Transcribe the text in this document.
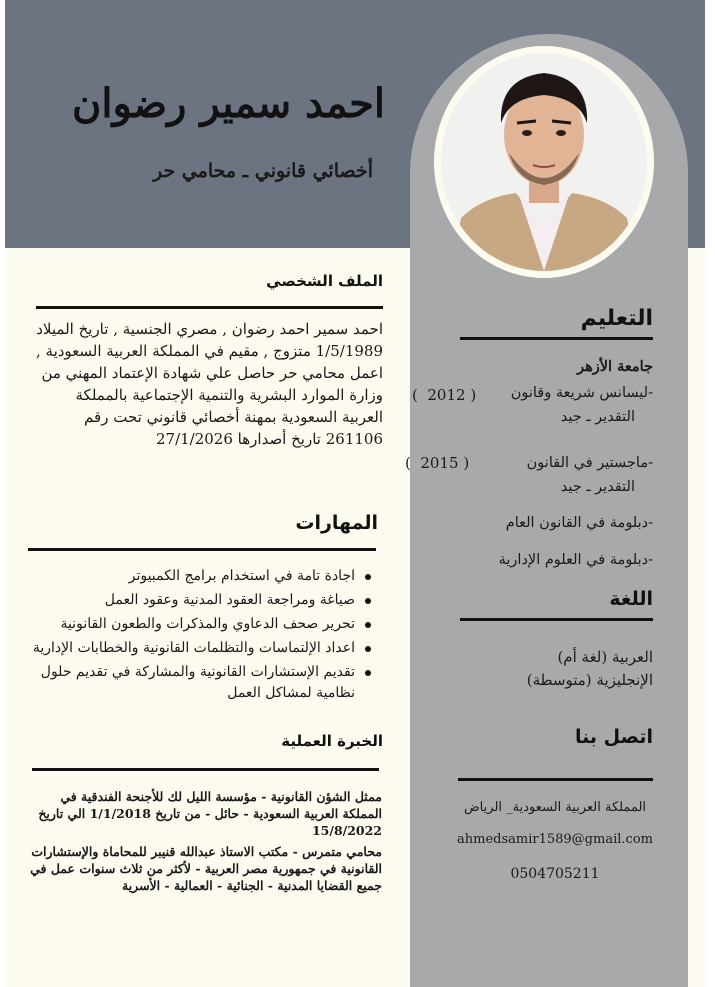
احمد سمير رضوان
أخصائي قانوني ـ محامي حر
الملف الشخصي
احمد سمير احمد رضوان , مصري الجنسية , تاريخ الميلاد 1/5/1989 متزوج , مقيم في المملكة العربية السعودية , اعمل محامي حر حاصل علي شهادة الإعتماد المهني من وزارة الموارد البشرية والتنمية الإجتماعية بالمملكة العربية السعودية بمهنة أخصائي قانوني تحت رقم 261106 تاريخ أصدارها 27/1/2026
المهارات
اجادة تامة في استخدام برامج الكمبيوتر
صياغة ومراجعة العقود المدنية وعقود العمل
تحرير صحف الدعاوي والمذكرات والطعون القانونية
اعداد الإلتماسات والتظلمات القانونية والخطابات الإدارية
تقديم الإستشارات القانونية والمشاركة في تقديم حلول نظامية لمشاكل العمل
الخبرة العملية

ممثل الشؤن القانونية - مؤسسة الليل لك للأجنحة الفندقية في المملكة العربية السعودية - حائل - من تاريخ 1/1/2018 الي تاريخ 15/8/2022

محامي متمرس - مكتب الاستاذ عبدالله قنيبر للمحاماة والإستشارات القانونية في جمهورية مصر العربية - لأكثر من ثلاث سنوات عمل في جميع القضايا المدنية - الجنائية - العمالية - الأسرية

التعليم
جامعة الأزهر
-ليسانس شريعة وقانون
التقدير ـ جيد
(  2012 )
-ماجستير في القانون
التقدير ـ جيد
(  2015 )
-دبلومة في القانون العام
-دبلومة في العلوم الإدارية
اللغة
العربية (لغة أم)
الإنجليزية (متوسطة)
اتصل بنا
المملكة العربية السعودية_ الرياض
ahmedsamir1589@gmail.com
0504705211
